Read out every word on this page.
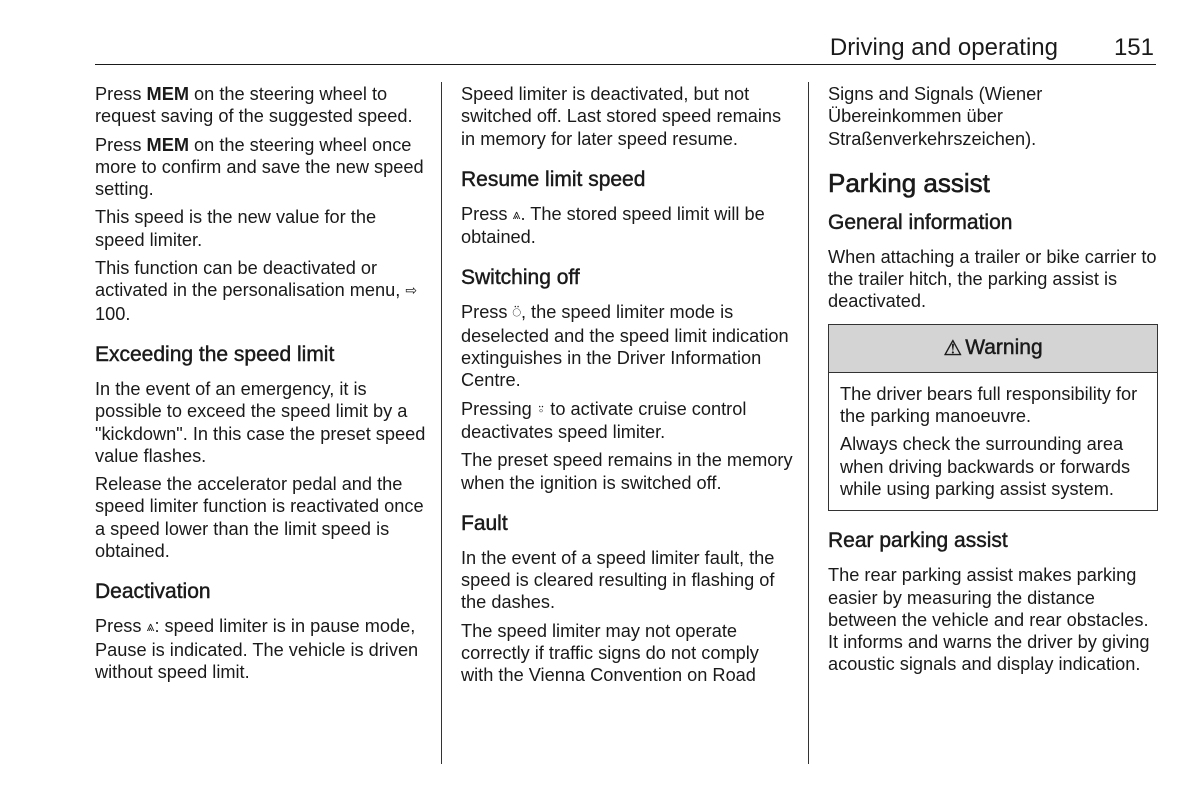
Driving and operating 151

Press MEM on the steering wheel to request saving of the suggested speed.

Press MEM on the steering wheel once more to confirm and save the new speed setting.

This speed is the new value for the speed limiter.

This function can be deactivated or activated in the personalisation menu, ⇨ 100.

Exceeding the speed limit

In the event of an emergency, it is possible to exceed the speed limit by a "kickdown". In this case the preset speed value flashes.

Release the accelerator pedal and the speed limiter function is reactivated once a speed lower than the limit speed is obtained.

Deactivation

Press ⩓: speed limiter is in pause mode, Pause is indicated. The vehicle is driven without speed limit.

Speed limiter is deactivated, but not switched off. Last stored speed remains in memory for later speed resume.

Resume limit speed

Press ⩓. The stored speed limit will be obtained.

Switching off

Press ⍥, the speed limiter mode is deselected and the speed limit indication extinguishes in the Driver Information Centre.

Pressing ⍤ to activate cruise control deactivates speed limiter.

The preset speed remains in the memory when the ignition is switched off.

Fault

In the event of a speed limiter fault, the speed is cleared resulting in flashing of the dashes.

The speed limiter may not operate correctly if traffic signs do not comply with the Vienna Convention on Road

Signs and Signals (Wiener Übereinkommen über Straßenverkehrszeichen).

Parking assist
General information

When attaching a trailer or bike carrier to the trailer hitch, the parking assist is deactivated.

⚠ Warning

The driver bears full responsibility for the parking manoeuvre.

Always check the surrounding area when driving backwards or forwards while using parking assist system.

Rear parking assist

The rear parking assist makes parking easier by measuring the distance between the vehicle and rear obstacles. It informs and warns the driver by giving acoustic signals and display indication.
